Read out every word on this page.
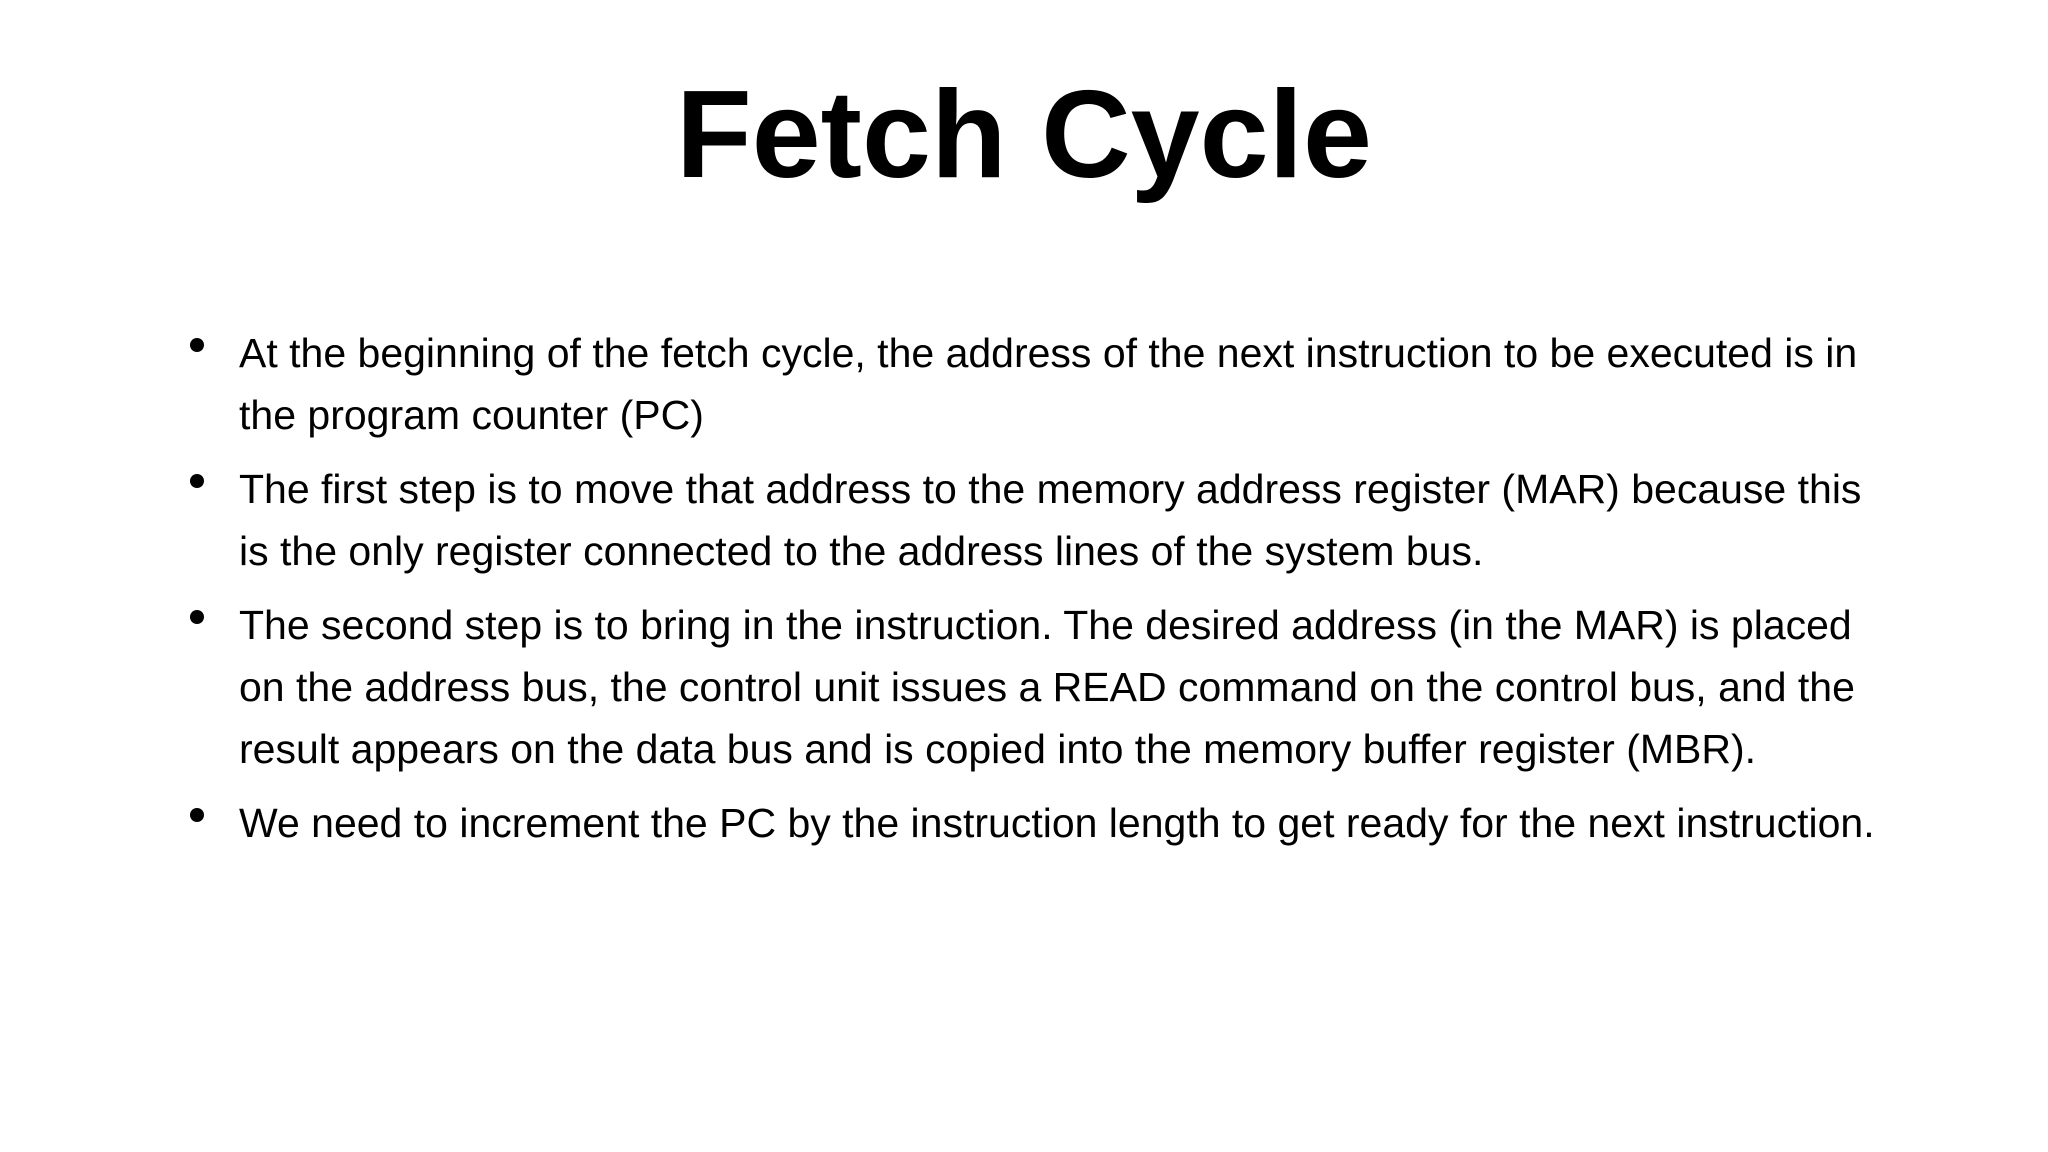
Fetch Cycle
At the beginning of the fetch cycle, the address of the next instruction to be executed is in the program counter (PC)
The first step is to move that address to the memory address register (MAR) because this is the only register connected to the address lines of the system bus.
The second step is to bring in the instruction. The desired address (in the MAR) is placed on the address bus, the control unit issues a READ command on the control bus, and the result appears on the data bus and is copied into the memory buffer register (MBR).
We need to increment the PC by the instruction length to get ready for the next instruction.
